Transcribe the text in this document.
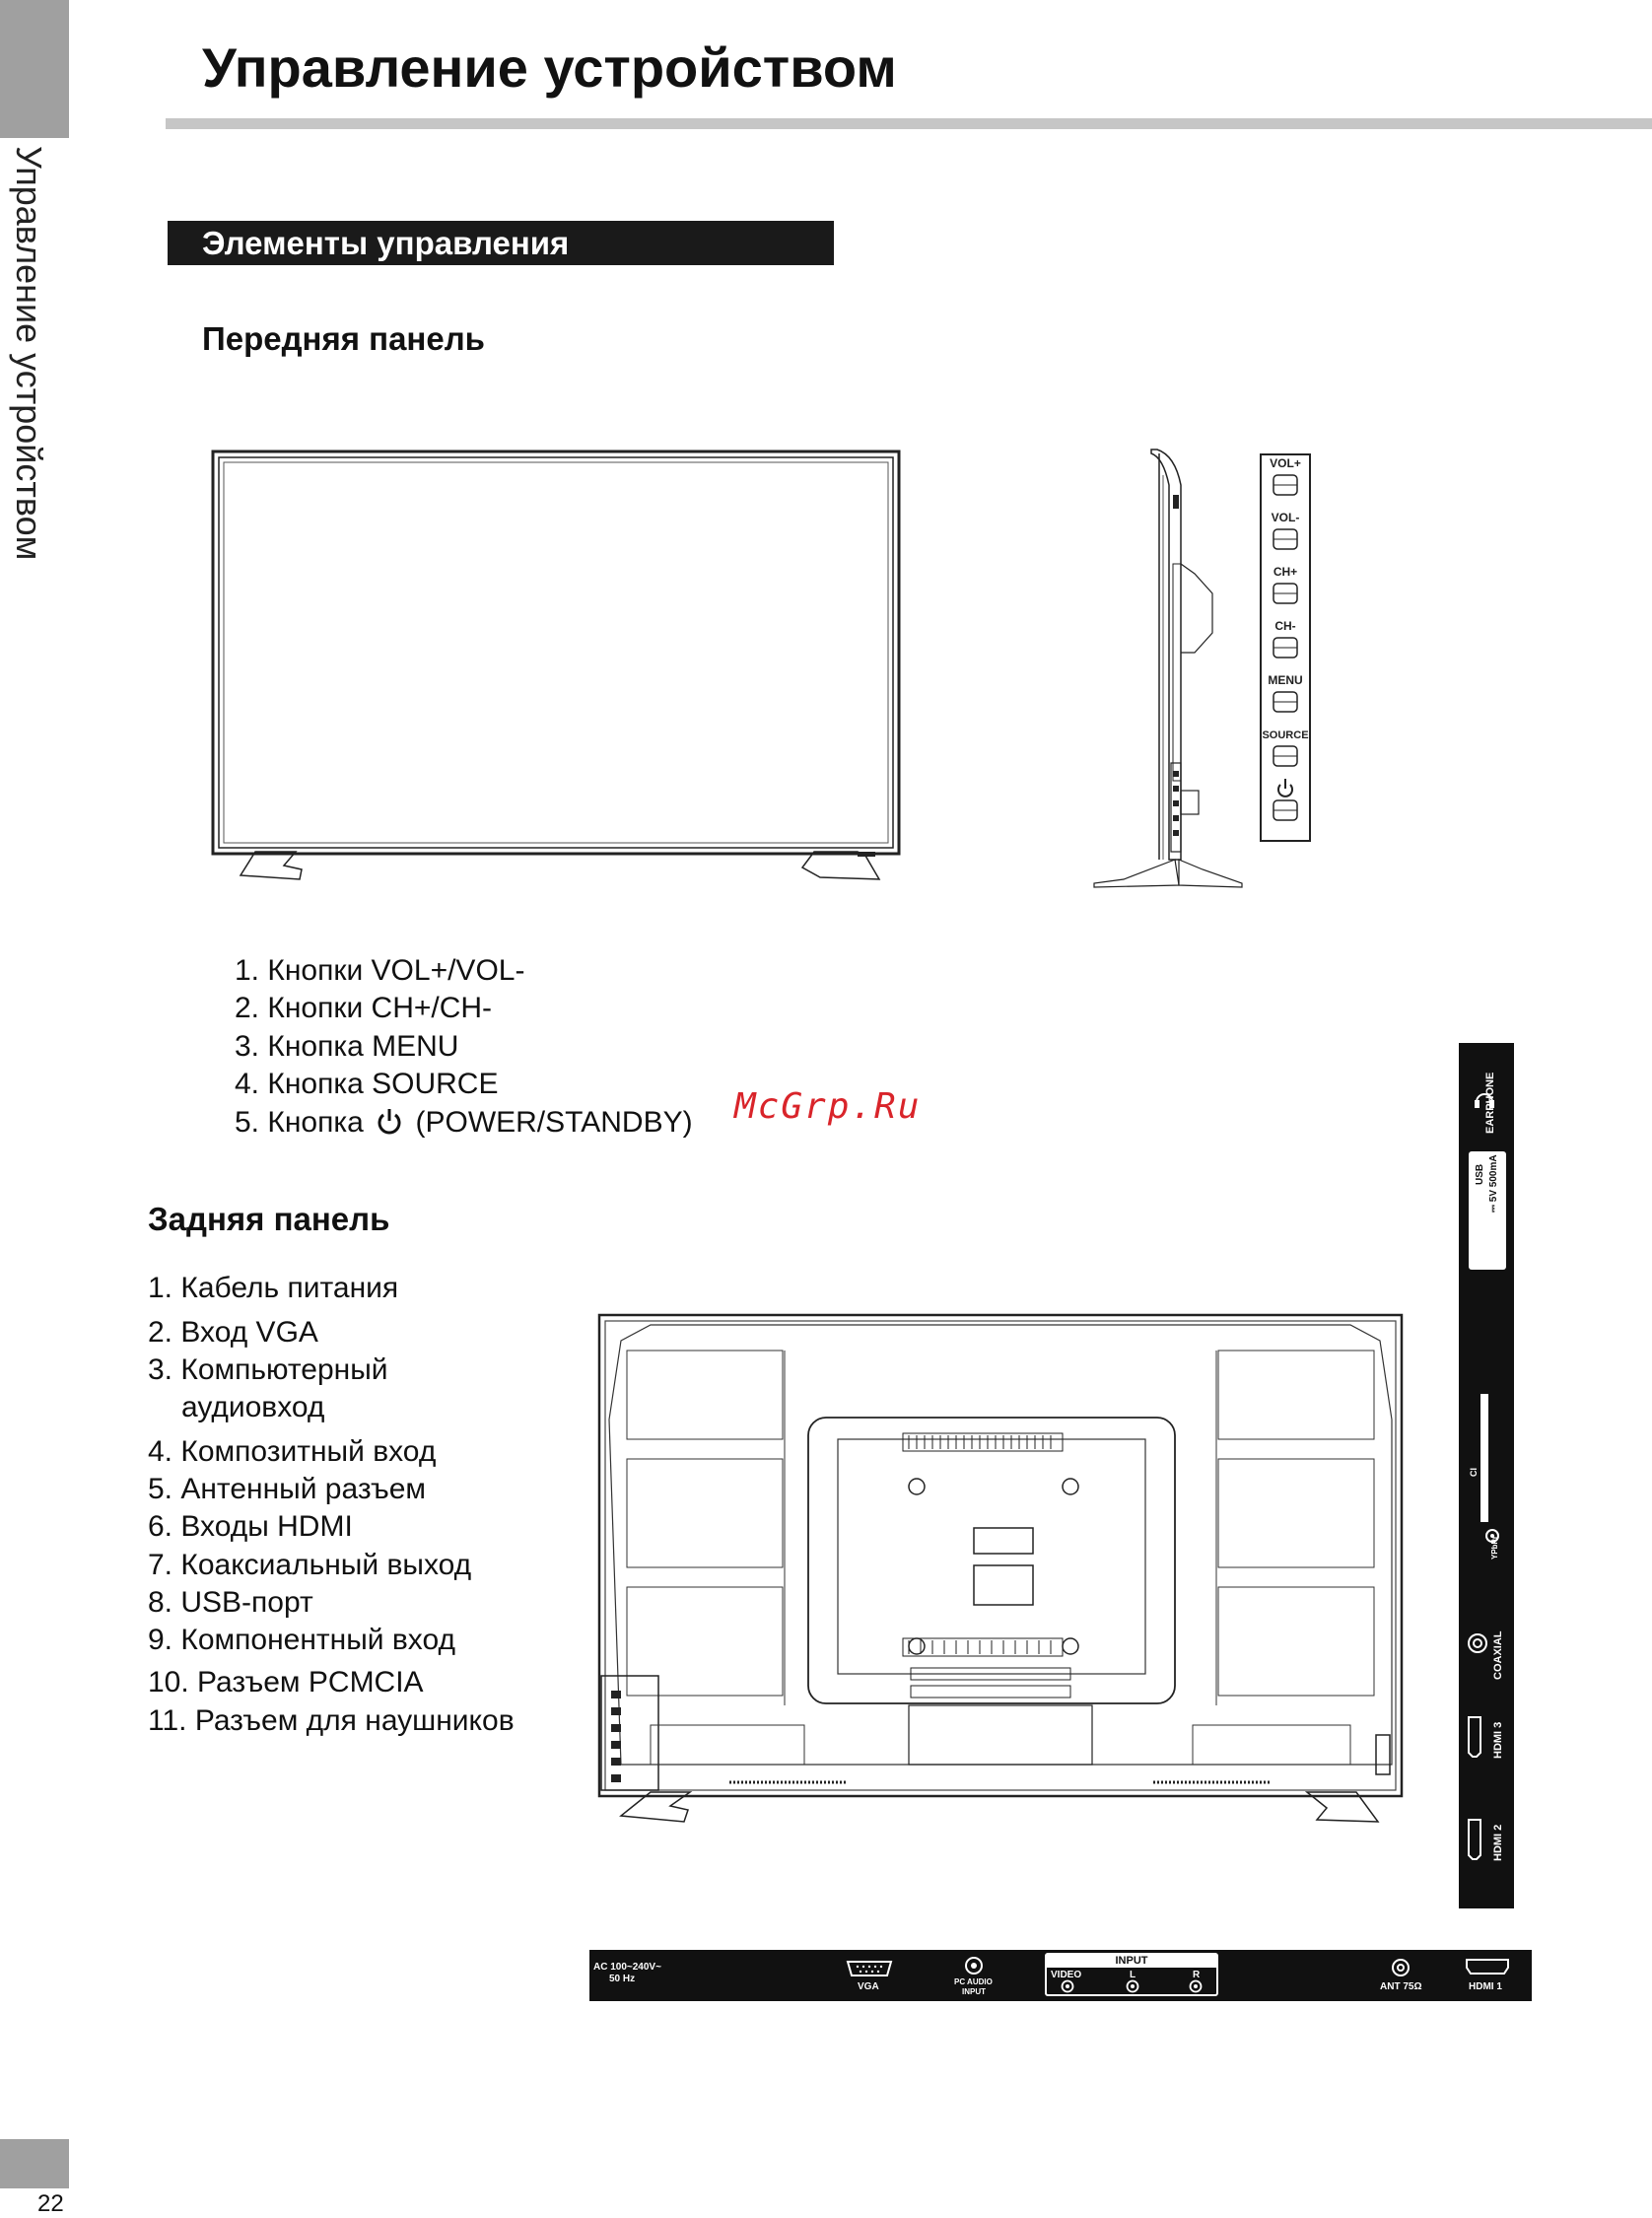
Управление устройством
22
Управление устройством
Элементы управления
Передняя панель
VOL+
VOL-
CH+
CH-
MENU
SOURCE
1. Кнопки VOL+/VOL-
2. Кнопки CH+/CH-
3. Кнопка MENU
4. Кнопка SOURCE
5. Кнопка (POWER/STANDBY) McGrp.Ru
Задняя панель
1. Кабель питания
2. Вход VGA
3. Компьютерный
аудиовход
4. Композитный вход
5. Антенный разъем
6. Входы HDMI
7. Коаксиальный выход
8. USB-порт
9. Компонентный вход
10. Разъем PCMCIA
11. Разъем для наушников
EARPHONE
USB ⎓ 5V 500mA
CI
YPbPr
COAXIAL
HDMI 3
HDMI 2
AC 100~240V~
50 Hz
VGA	PC AUDIO
INPUT
INPUT
VIDEO	L	R
ANT 75Ω	HDMI 1
